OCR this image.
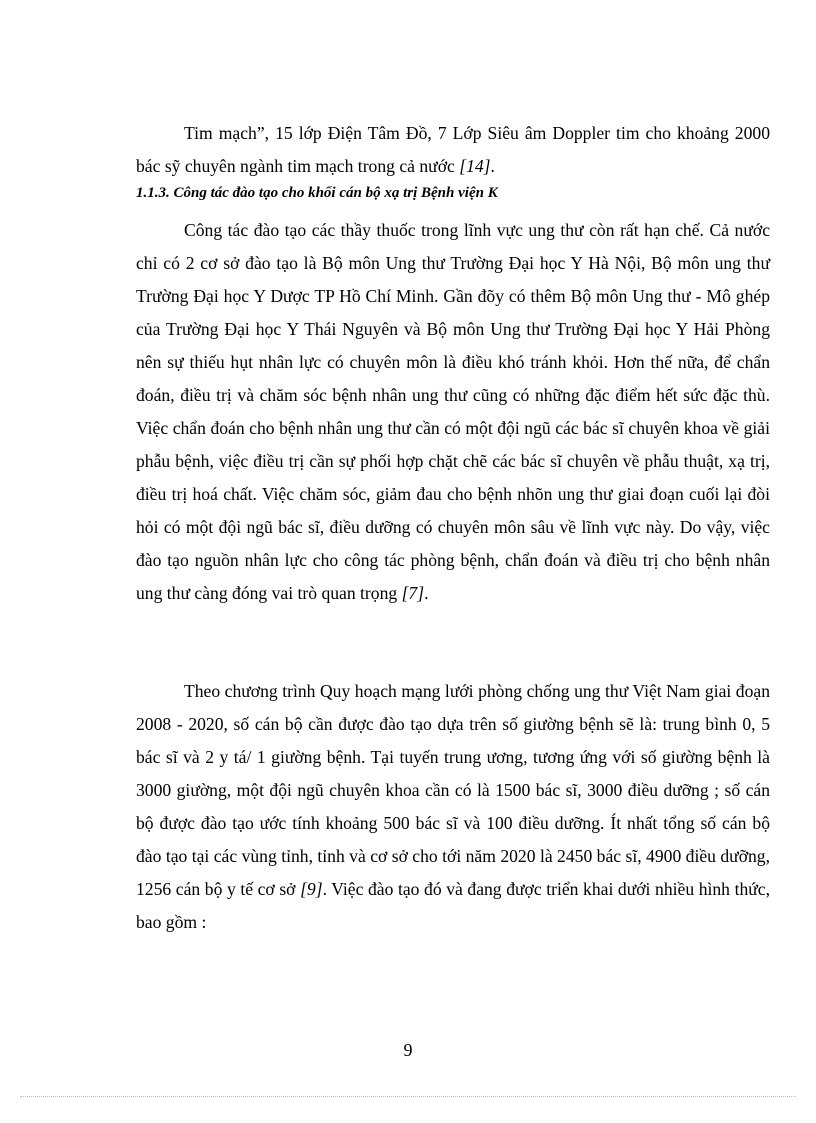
Tim mạch”, 15 lớp Điện Tâm Đồ, 7 Lớp Siêu âm Doppler tim cho khoảng 2000 bác sỹ chuyên ngành tim mạch trong cả nước [14].

1.1.3. Công tác đào tạo cho khối cán bộ xạ trị Bệnh viện K

Công tác đào tạo các thầy thuốc trong lĩnh vực ung thư còn rất hạn chế. Cả nước chỉ có 2 cơ sở đào tạo là Bộ môn Ung thư Trường Đại học Y Hà Nội, Bộ môn ung thư Trường Đại học Y Dược TP Hồ Chí Minh. Gần đõy có thêm Bộ môn Ung thư - Mô ghép của Trường Đại học Y Thái Nguyên và Bộ môn Ung thư Trường Đại học Y Hải Phòng nên sự thiếu hụt nhân lực có chuyên môn là điều khó tránh khỏi. Hơn thế nữa, để chẩn đoán, điều trị và chăm sóc bệnh nhân ung thư cũng có những đặc điểm hết sức đặc thù. Việc chẩn đoán cho bệnh nhân ung thư cần có một đội ngũ các bác sĩ chuyên khoa về giải phẫu bệnh, việc điều trị cần sự phối hợp chặt chẽ các bác sĩ chuyên về phẫu thuật, xạ trị, điều trị hoá chất. Việc chăm sóc, giảm đau cho bệnh nhõn ung thư giai đoạn cuối lại đòi hỏi có một đội ngũ bác sĩ, điều dưỡng có chuyên môn sâu về lĩnh vực này. Do vậy, việc đào tạo nguồn nhân lực cho công tác phòng bệnh, chẩn đoán và điều trị cho bệnh nhân ung thư càng đóng vai trò quan trọng [7].

Theo chương trình Quy hoạch mạng lưới phòng chống ung thư Việt Nam giai đoạn 2008 - 2020, số cán bộ cần được đào tạo dựa trên số giường bệnh sẽ là: trung bình 0, 5 bác sĩ và 2 y tá/ 1 giường bệnh. Tại tuyến trung ương, tương ứng với số giường bệnh là 3000 giường, một đội ngũ chuyên khoa cần có là 1500 bác sĩ, 3000 điều dưỡng ; số cán bộ được đào tạo ước tính khoảng 500 bác sĩ và 100 điều dưỡng. Ít nhất tổng số cán bộ đào tạo tại các vùng tỉnh, tỉnh và cơ sở cho tới năm 2020 là 2450 bác sĩ, 4900 điều dưỡng, 1256 cán bộ y tế cơ sở [9]. Việc đào tạo đó và đang được triển khai dưới nhiều hình thức, bao gồm :

9
